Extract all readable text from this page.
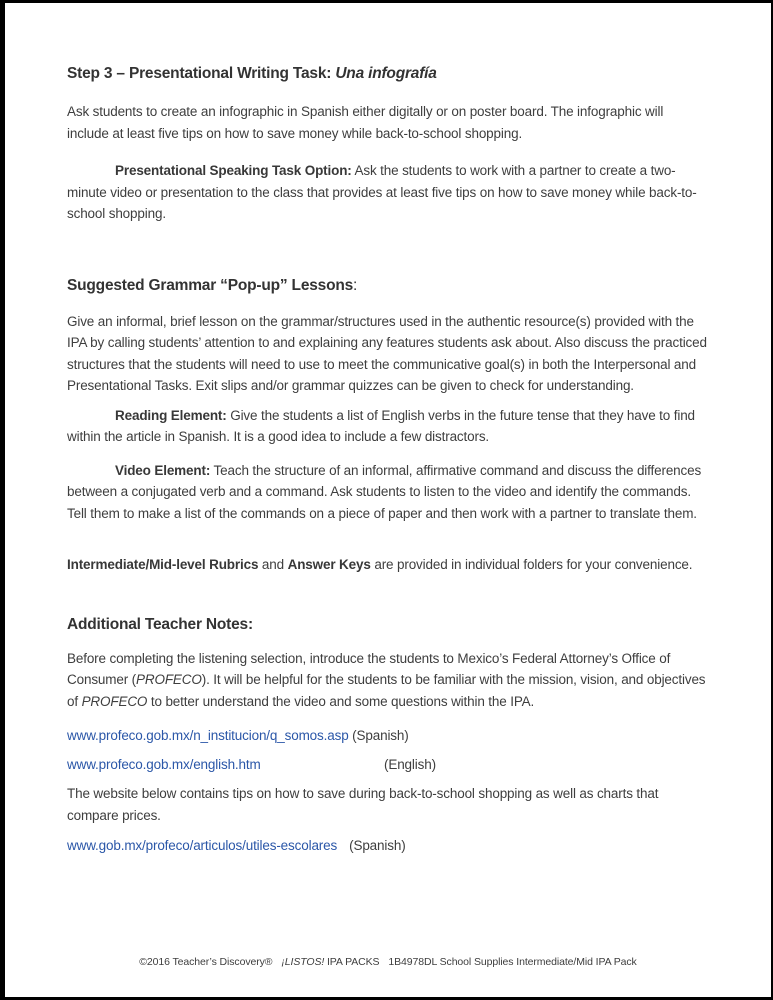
Step 3 – Presentational Writing Task: Una infografía

Ask students to create an infographic in Spanish either digitally or on poster board. The infographic will include at least five tips on how to save money while back-to-school shopping.

Presentational Speaking Task Option: Ask the students to work with a partner to create a two-minute video or presentation to the class that provides at least five tips on how to save money while back-to-school shopping.

Suggested Grammar “Pop-up” Lessons:

Give an informal, brief lesson on the grammar/structures used in the authentic resource(s) provided with the IPA by calling students’ attention to and explaining any features students ask about. Also discuss the practiced structures that the students will need to use to meet the communicative goal(s) in both the Interpersonal and Presentational Tasks. Exit slips and/or grammar quizzes can be given to check for understanding.

Reading Element: Give the students a list of English verbs in the future tense that they have to find within the article in Spanish. It is a good idea to include a few distractors.

Video Element: Teach the structure of an informal, affirmative command and discuss the differences between a conjugated verb and a command. Ask students to listen to the video and identify the commands. Tell them to make a list of the commands on a piece of paper and then work with a partner to translate them.

Intermediate/Mid-level Rubrics and Answer Keys are provided in individual folders for your convenience.

Additional Teacher Notes:

Before completing the listening selection, introduce the students to Mexico’s Federal Attorney’s Office of Consumer (PROFECO). It will be helpful for the students to be familiar with the mission, vision, and objectives of PROFECO to better understand the video and some questions within the IPA.

www.profeco.gob.mx/n_institucion/q_somos.asp (Spanish)

www.profeco.gob.mx/english.htm	(English)

The website below contains tips on how to save during back-to-school shopping as well as charts that compare prices.

www.gob.mx/profeco/articulos/utiles-escolares (Spanish)

©2016 Teacher’s Discovery® ¡LISTOS! IPA PACKS 1B4978DL School Supplies Intermediate/Mid IPA Pack
